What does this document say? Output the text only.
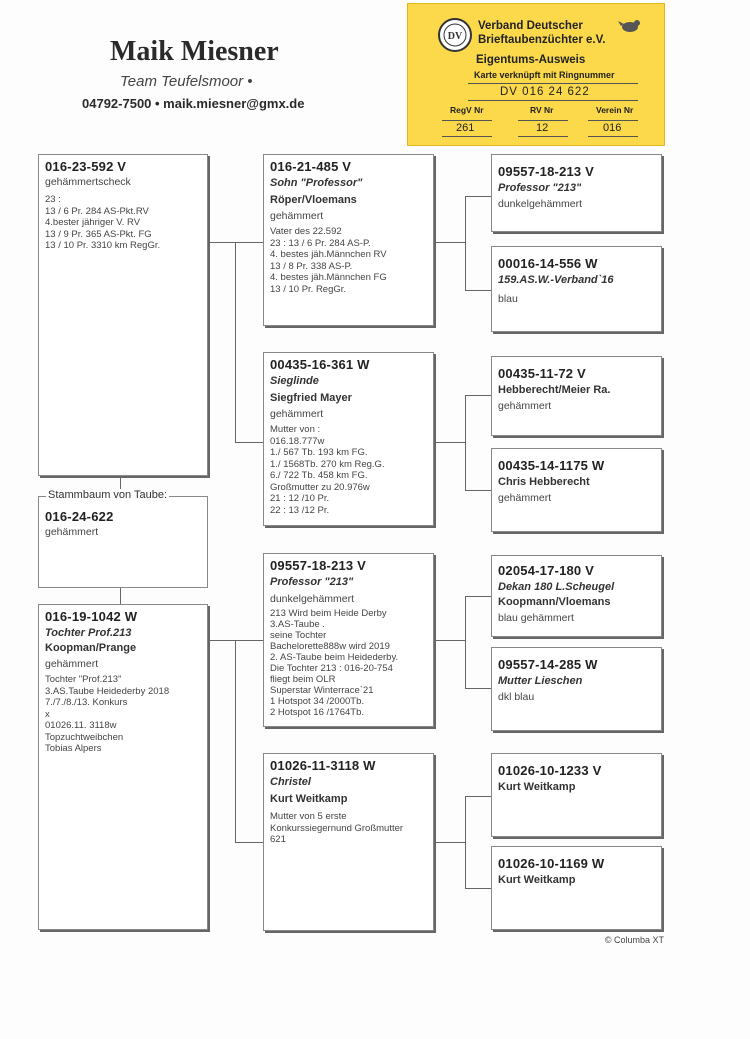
Maik Miesner
Team Teufelsmoor •
04792-7500 • maik.miesner@gmx.de
DV
Verband Deutscher
Brieftaubenzüchter e.V.
Eigentums-Ausweis
Karte verknüpft mit Ringnummer
DV 016 24 622
RegV Nr	RV Nr	Verein Nr
261	12	016
016-23-592 V
gehämmertscheck
23 :
13 / 6 Pr. 284 AS-Pkt.RV
4.bester jähriger V. RV
13 / 9 Pr. 365 AS-Pkt. FG
13 / 10 Pr. 3310 km RegGr.
Stammbaum von Taube:
016-24-622
gehämmert
016-19-1042 W
Tochter Prof.213
Koopman/Prange
gehämmert
Tochter "Prof.213"
3.AS.Taube Heidederby 2018
7./7./8./13. Konkurs
x
01026.11. 3118w
Topzuchtweibchen
Tobias Alpers
016-21-485 V
Sohn "Professor"
Röper/Vloemans
gehämmert
Vater des 22.592
23 : 13 / 6 Pr. 284 AS-P.
4. bestes jäh.Männchen RV
13 / 8 Pr. 338 AS-P.
4. bestes jäh.Männchen FG
13 / 10 Pr. RegGr.
00435-16-361 W
Sieglinde
Siegfried Mayer
gehämmert
Mutter von :
016.18.777w
1./ 567 Tb. 193 km FG.
1./ 1568Tb. 270 km Reg.G.
6./ 722 Tb. 458 km FG.
Großmutter zu 20.976w
21 : 12 /10 Pr.
22 : 13 /12 Pr.
09557-18-213 V
Professor "213"
dunkelgehämmert
213 Wird beim Heide Derby
3.AS-Taube .
seine Tochter
Bachelorette888w wird 2019
2. AS-Taube beim Heidederby.
Die Tochter 213 : 016-20-754
fliegt beim OLR
Superstar Winterrace`21
1 Hotspot 34 /2000Tb.
2 Hotspot 16 /1764Tb.
01026-11-3118 W
Christel
Kurt Weitkamp
Mutter von 5 erste
Konkurssiegernund Großmutter
621
09557-18-213 V
Professor "213"
dunkelgehämmert
00016-14-556 W
159.AS.W.-Verband`16
blau
00435-11-72 V
Hebberecht/Meier Ra.
gehämmert
00435-14-1175 W
Chris Hebberecht
gehämmert
02054-17-180 V
Dekan 180 L.Scheugel
Koopmann/Vloemans
blau gehämmert
09557-14-285 W
Mutter Lieschen
dkl blau
01026-10-1233 V
Kurt Weitkamp
01026-10-1169 W
Kurt Weitkamp
© Columba XT
